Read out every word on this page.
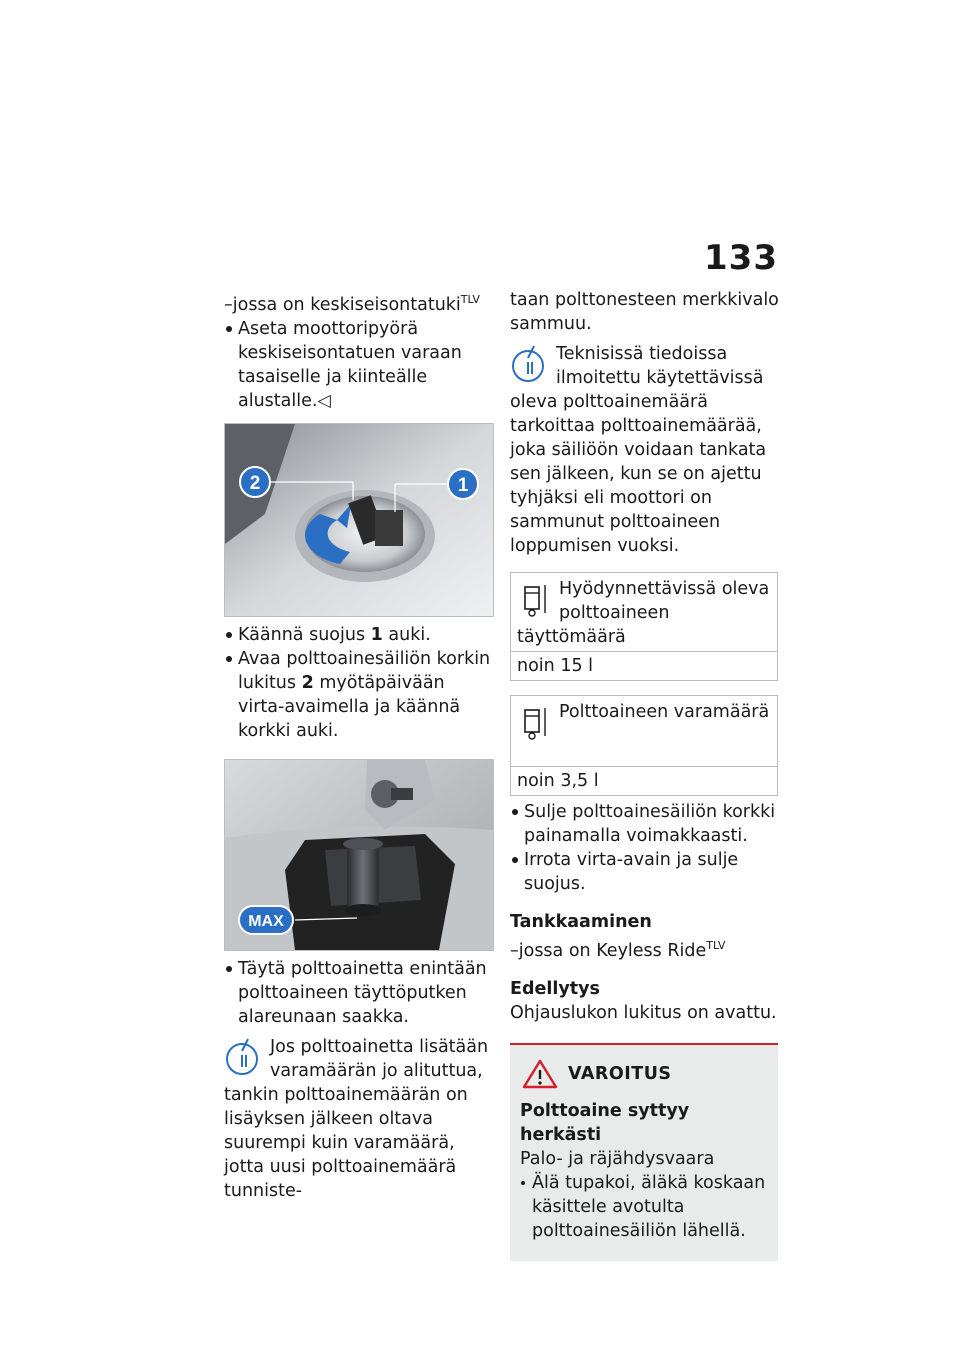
133

–jossa on keskiseisontatuki$^{TLV}$

Aseta moottoripyörä keskiseisontatuen varaan tasaiselle ja kiinteälle alustalle.◁

2	1

Käännä suojus 1 auki.

Avaa polttoainesäiliön korkin lukitus 2 myötäpäivään virta-avaimella ja käännä korkki auki.

MAX

Täytä polttoainetta enintään polttoaineen täyttöputken alareunaan saakka.

Jos polttoainetta lisätään varamäärän jo alituttua, tankin polttoainemäärän on lisäyksen jälkeen oltava suurempi kuin varamäärä, jotta uusi polttoainemäärä tunniste-

taan polttonesteen merkkivalo sammuu.

Teknisissä tiedoissa ilmoitettu käytettävissä oleva polttoainemäärä tarkoittaa polttoainemäärää, joka säiliöön voidaan tankata sen jälkeen, kun se on ajettu tyhjäksi eli moottori on sammunut polttoaineen loppumisen vuoksi.

Hyödynnettävissä oleva polttoaineen täyttömäärä
noin 15 l
Polttoaineen varamäärä
noin 3,5 l

Sulje polttoainesäiliön korkki painamalla voimakkaasti.

Irrota virta-avain ja sulje suojus.

Tankkaaminen

–jossa on Keyless Ride$^{TLV}$

Edellytys

Ohjauslukon lukitus on avattu.

VAROITUS

Polttoaine syttyy herkästi

Palo- ja räjähdysvaara

Älä tupakoi, äläkä koskaan käsittele avotulta polttoainesäiliön lähellä.
